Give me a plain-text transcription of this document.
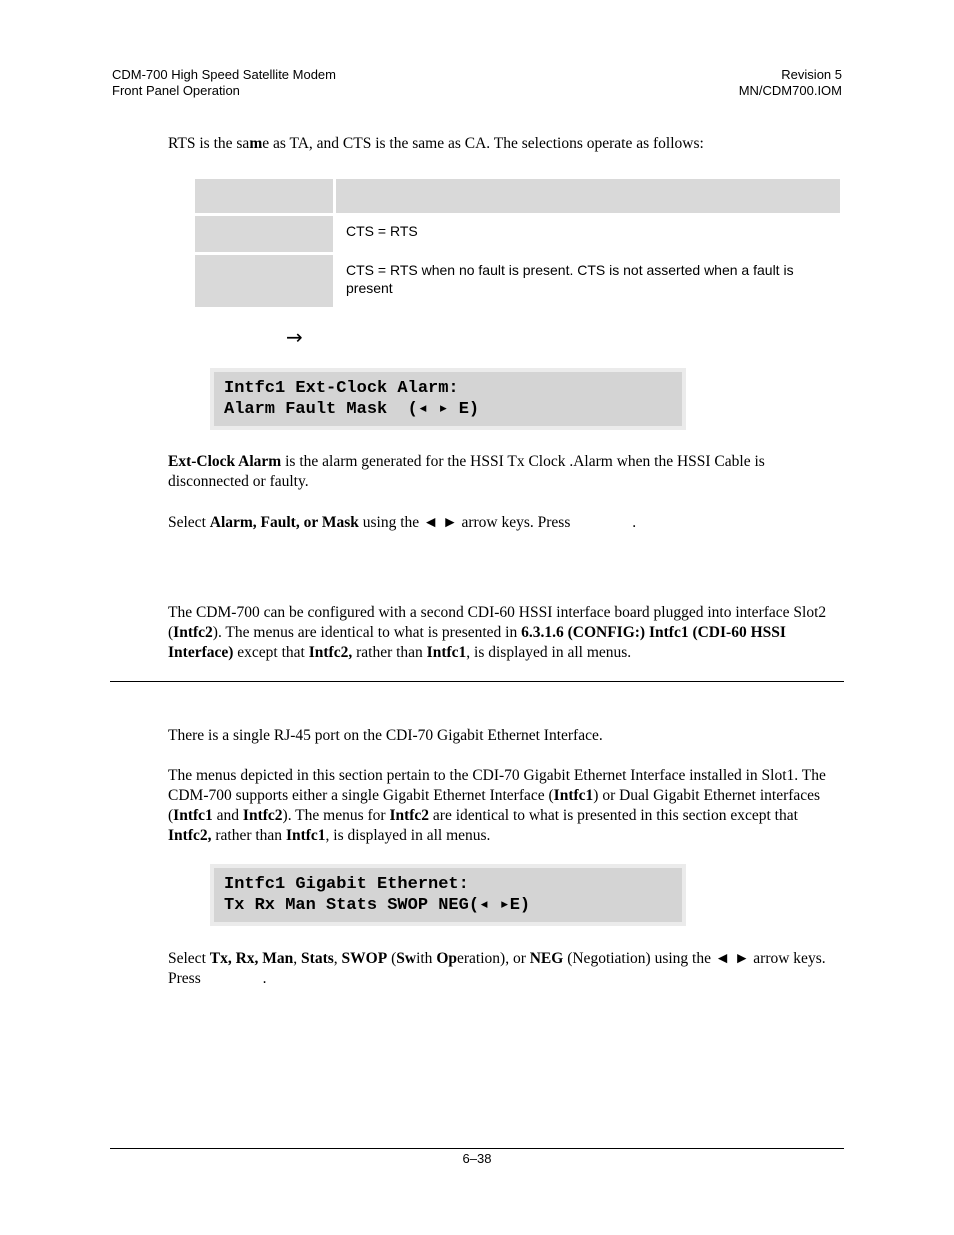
CDM-700 High Speed Satellite Modem
Front Panel Operation
Revision 5
MN/CDM700.IOM
RTS is the same as TA, and CTS is the same as CA. The selections operate as follows:

	CTS = RTS
	CTS = RTS when no fault is present. CTS is not asserted when a fault is present
→
Intfc1 Ext-Clock Alarm:
Alarm Fault Mask  (◂ ▸ E)
Ext-Clock Alarm is the alarm generated for the HSSI Tx Clock .Alarm when the HSSI Cable is disconnected or faulty.
Select Alarm, Fault, or Mask using the ◄ ► arrow keys. Press	.
The CDM-700 can be configured with a second CDI-60 HSSI interface board plugged into interface Slot2 (Intfc2). The menus are identical to what is presented in 6.3.1.6 (CONFIG:) Intfc1 (CDI-60 HSSI Interface) except that Intfc2, rather than Intfc1, is displayed in all menus.
There is a single RJ-45 port on the CDI-70 Gigabit Ethernet Interface.
The menus depicted in this section pertain to the CDI-70 Gigabit Ethernet Interface installed in Slot1. The CDM-700 supports either a single Gigabit Ethernet Interface (Intfc1) or Dual Gigabit Ethernet interfaces (Intfc1 and Intfc2). The menus for Intfc2 are identical to what is presented in this section except that Intfc2, rather than Intfc1, is displayed in all menus.
Intfc1 Gigabit Ethernet:
Tx Rx Man Stats SWOP NEG(◂ ▸E)
Select Tx, Rx, Man, Stats, SWOP (Swith Operation), or NEG (Negotiation) using the ◄ ► arrow keys. Press	.
6–38
